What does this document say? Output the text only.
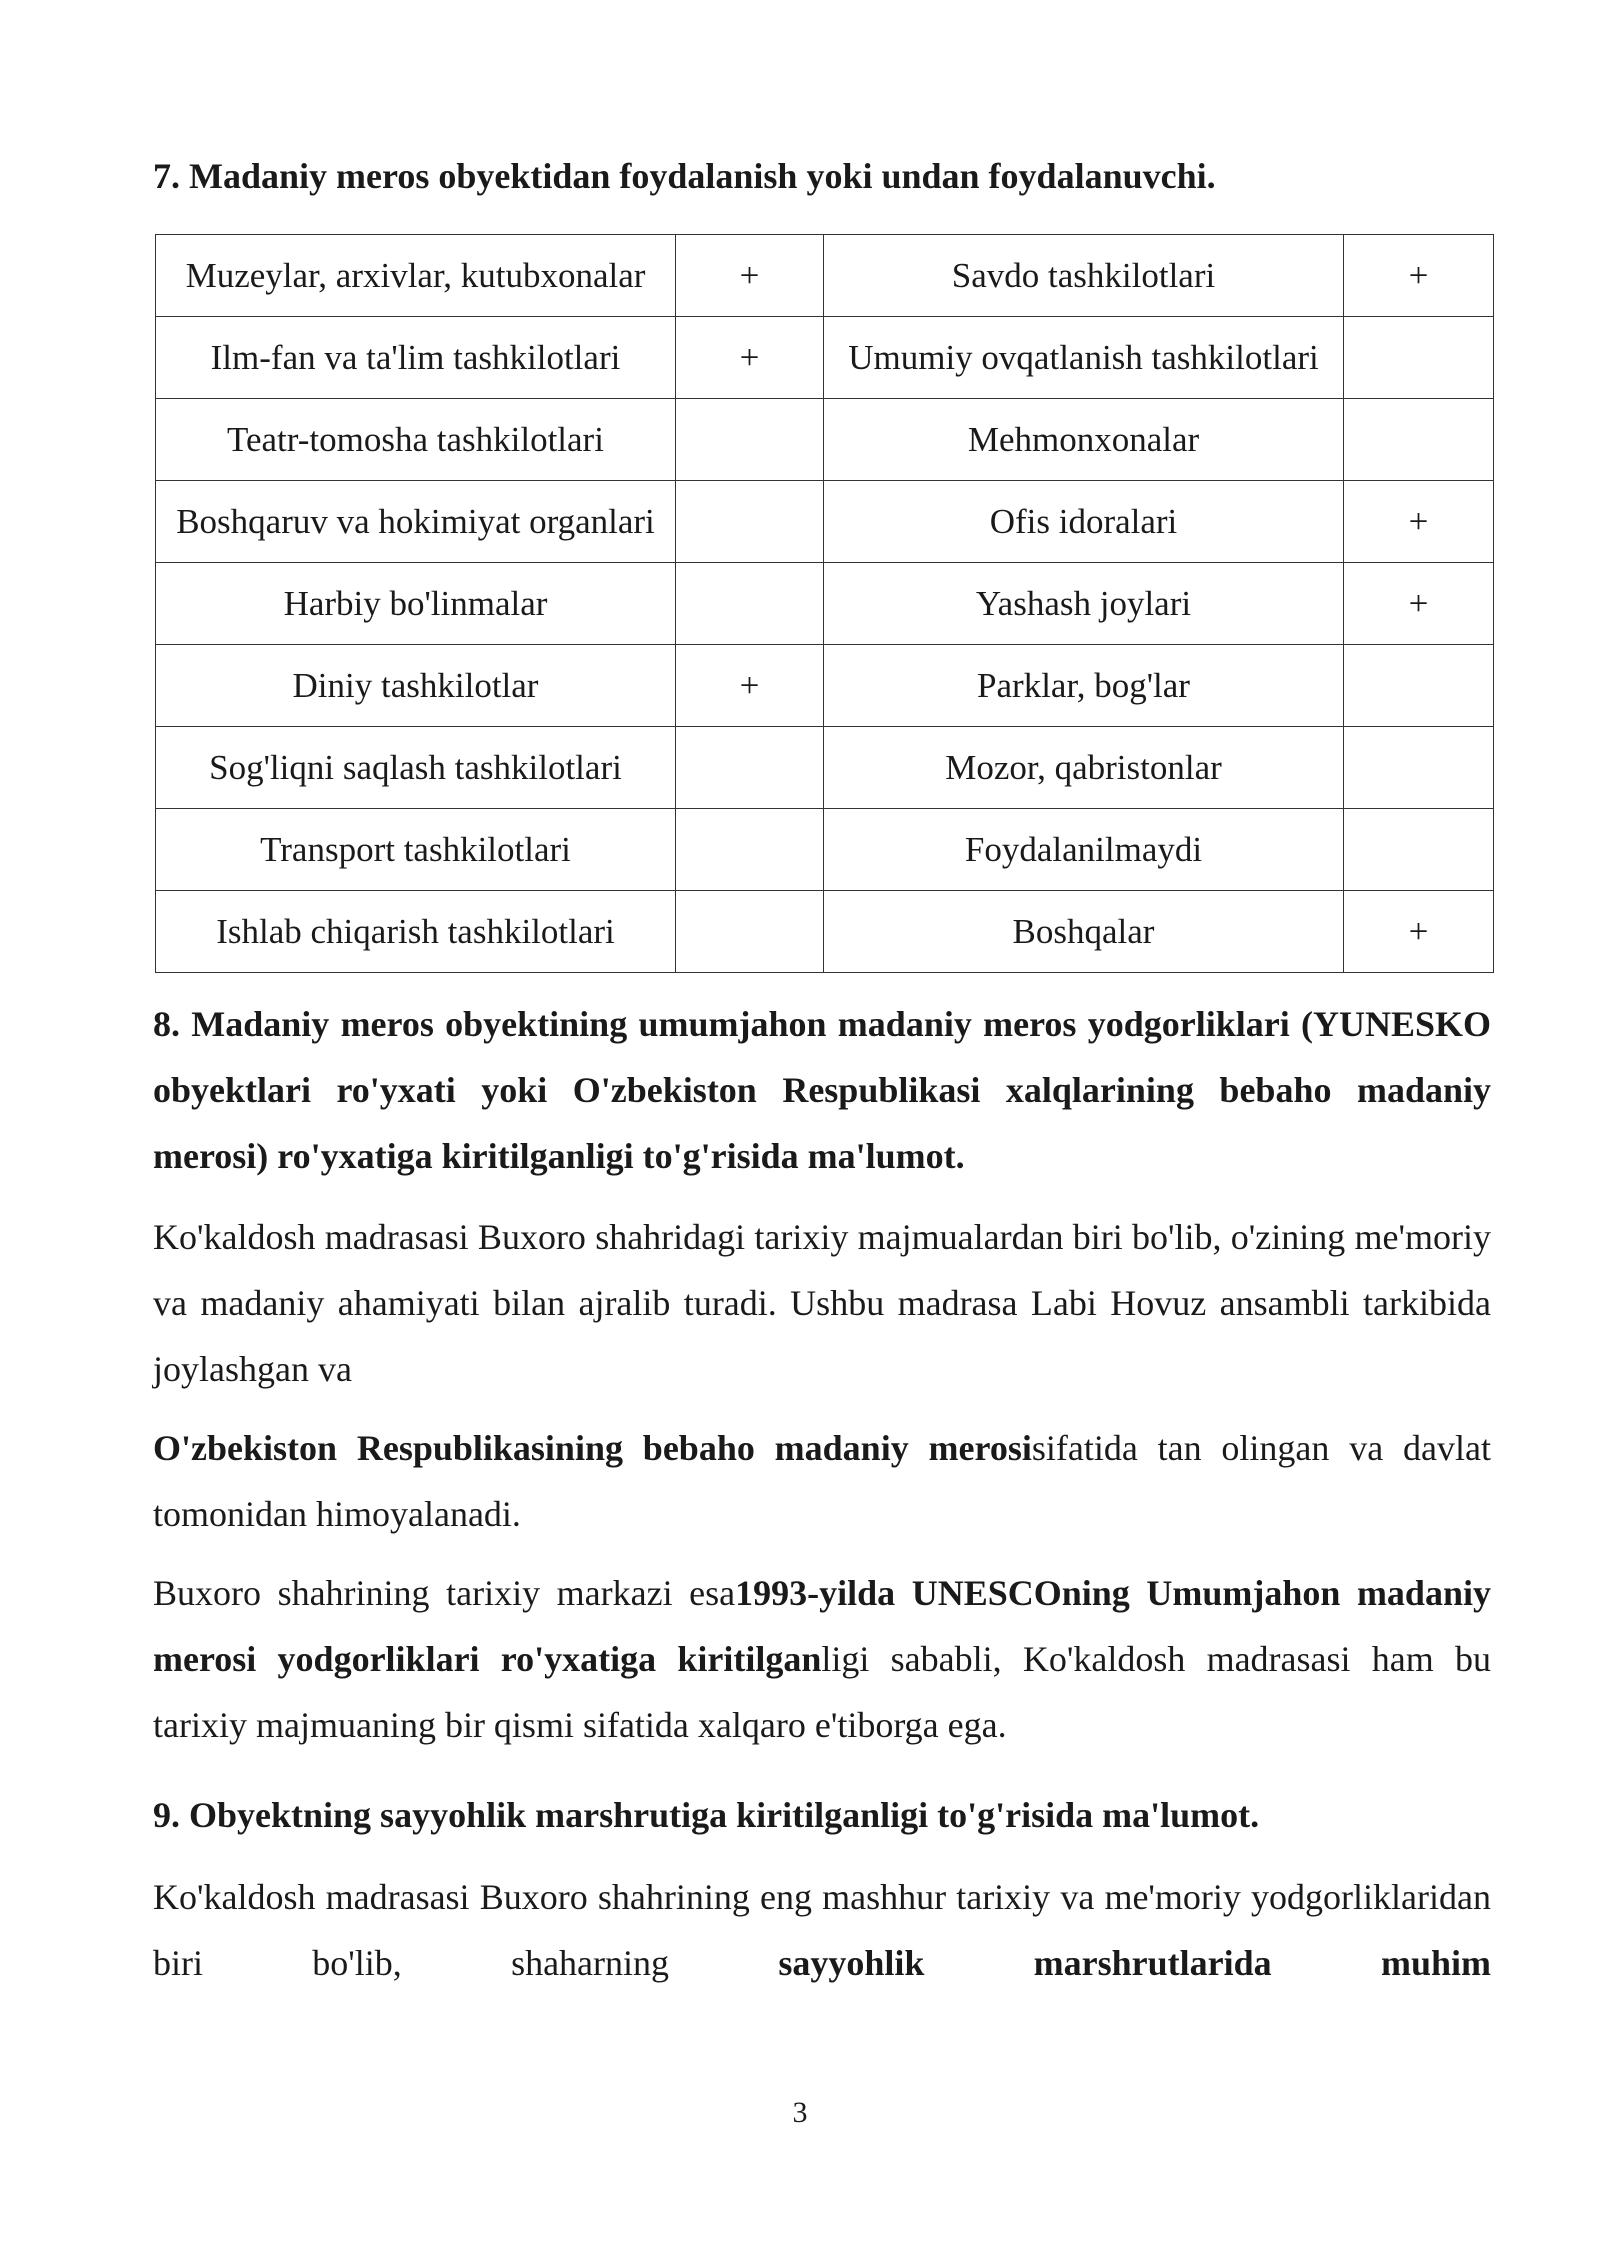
7. Madaniy meros obyektidan foydalanish yoki undan foydalanuvchi.
Muzeylar, arxivlar, kutubxonalar	+	Savdo tashkilotlari	+
Ilm-fan va ta'lim tashkilotlari	+	Umumiy ovqatlanish tashkilotlari	
Teatr-tomosha tashkilotlari		Mehmonxonalar	
Boshqaruv va hokimiyat organlari		Ofis idoralari	+
Harbiy bo'linmalar		Yashash joylari	+
Diniy tashkilotlar	+	Parklar, bog'lar	
Sog'liqni saqlash tashkilotlari		Mozor, qabristonlar	
Transport tashkilotlari		Foydalanilmaydi	
Ishlab chiqarish tashkilotlari		Boshqalar	+

8. Madaniy meros obyektining umumjahon madaniy meros yodgorliklari (YUNESKO obyektlari ro'yxati yoki O'zbekiston Respublikasi xalqlarining bebaho madaniy merosi) ro'yxatiga kiritilganligi to'g'risida ma'lumot.

Ko'kaldosh madrasasi Buxoro shahridagi tarixiy majmualardan biri bo'lib, o'zining me'moriy va madaniy ahamiyati bilan ajralib turadi. Ushbu madrasa Labi Hovuz ansambli tarkibida joylashgan va

O'zbekiston Respublikasining bebaho madaniy merosisifatida tan olingan va davlat tomonidan himoyalanadi.

Buxoro shahrining tarixiy markazi esa1993-yilda UNESCOning Umumjahon madaniy merosi yodgorliklari ro'yxatiga kiritilganligi sababli, Ko'kaldosh madrasasi ham bu tarixiy majmuaning bir qismi sifatida xalqaro e'tiborga ega.

9. Obyektning sayyohlik marshrutiga kiritilganligi to'g'risida ma'lumot.

Ko'kaldosh madrasasi Buxoro shahrining eng mashhur tarixiy va me'moriy yodgorliklaridan biri bo'lib, shaharning sayyohlik marshrutlarida muhim

3
